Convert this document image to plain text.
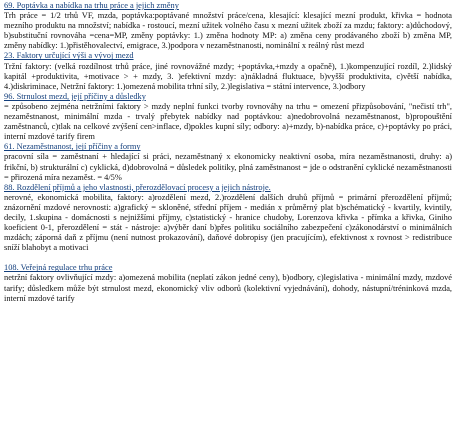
69. Poptávka a nabídka na trhu práce a jejich změny
Trh práce = 1/2 trhů VF, mzda, poptávka:poptávané množství práce/cena, klesající: klesající mezní produkt, křivka = hodnota mezního produktu na množství; nabídka - rostoucí, mezní užitek volného času x mezní užitek zboží za mzdu; faktory: a)důchodový, b)substituční rovnováha =cena=MP, změny poptávky: 1.) změna hodnoty MP: a) změna ceny prodávaného zboží b) změna MP, změny nabídky: 1.)přistěhovalectví, emigrace, 3.)podpora v nezaměstnanosti, nominální x reálný růst mezd
23. Faktory určující výši a vývoj mezd
Tržní faktory: (velká rozdílnost trhů práce, jiné rovnovážné mzdy; +poptávka,+mzdy a opačně), 1.)kompenzující rozdíl, 2.)lidský kapitál +produktivita, +motivace > + mzdy, 3. )efektivní mzdy: a)nákladná fluktuace, b)vyšší produktivita, c)větší nabídka, 4.)diskriminace, Netržní faktory: 1.)omezená mobilita trhní síly, 2.)legislativa = státní intervence, 3.)odbory
96. Strnulost mezd, její příčiny a důsledky
= způsobeno zejména netržními faktory > mzdy neplní funkci tvorby rovnováhy na trhu = omezení přizpůsobování, "nečistí trh", nezaměstnanost, minimální mzda - trvalý přebytek nabídky nad poptávkou: a)nedobrovolná nezaměstnanost, b)propouštění zaměstnanců, c)tlak na celkové zvýšení cen>inflace, d)pokles kupní síly; odbory: a)+mzdy, b)-nabídka práce, c)+poptávky po práci, interní mzdové tarify firem
61. Nezaměstnanost, její příčiny a formy
pracovní síla = zaměstnaní + hledající si práci, nezaměstnaný x ekonomicky neaktivní osoba, míra nezaměstnanosti, druhy: a) frikční, b) strukturální c) cyklická, d)dobrovolná = důsledek politiky, plná zaměstnanost = jde o odstranění cyklické nezaměstnanosti = přirozená míra nezaměst. = 4/5%
88. Rozdělení příjmů a jeho vlastnosti, přerozdělovací procesy a jejich nástroje.
nerovné, ekonomická mobilita, faktory: a)rozdělení mezd, 2.)rozdělení dalších druhů příjmů = primární přerozdělení příjmů; znázornění mzdové nerovnosti: a)grafický = skloněné, střední příjem - medián x průměrný plat b)schématický - kvartily, kvintily, decily, 1.skupina - domácnosti s nejnižšími příjmy, c)statistický - hranice chudoby, Lorenzova křivka - přímka a křivka, Giniho koeficient 0-1, přerozdělení = stát - nástroje: a)výběr daní b)přes politiku sociálního zabezpečení c)zákonodárství o minimálních mzdách; záporná daň z příjmu (není nutnost prokazování), daňové dobropisy (jen pracujícím), efektivnost x rovnost > redistribuce sníží blahobyt a motivaci
108. Veřejná regulace trhu práce
netržní faktory ovlivňující mzdy: a)omezená mobilita (neplatí zákon jedné ceny), b)odbory, c)legislativa - minimální mzdy, mzdové tarify; důsledkem může být strnulost mezd, ekonomický vliv odborů (kolektivní vyjednávání), dohody, nástupní/tréninková mzda, interní mzdové tarify
